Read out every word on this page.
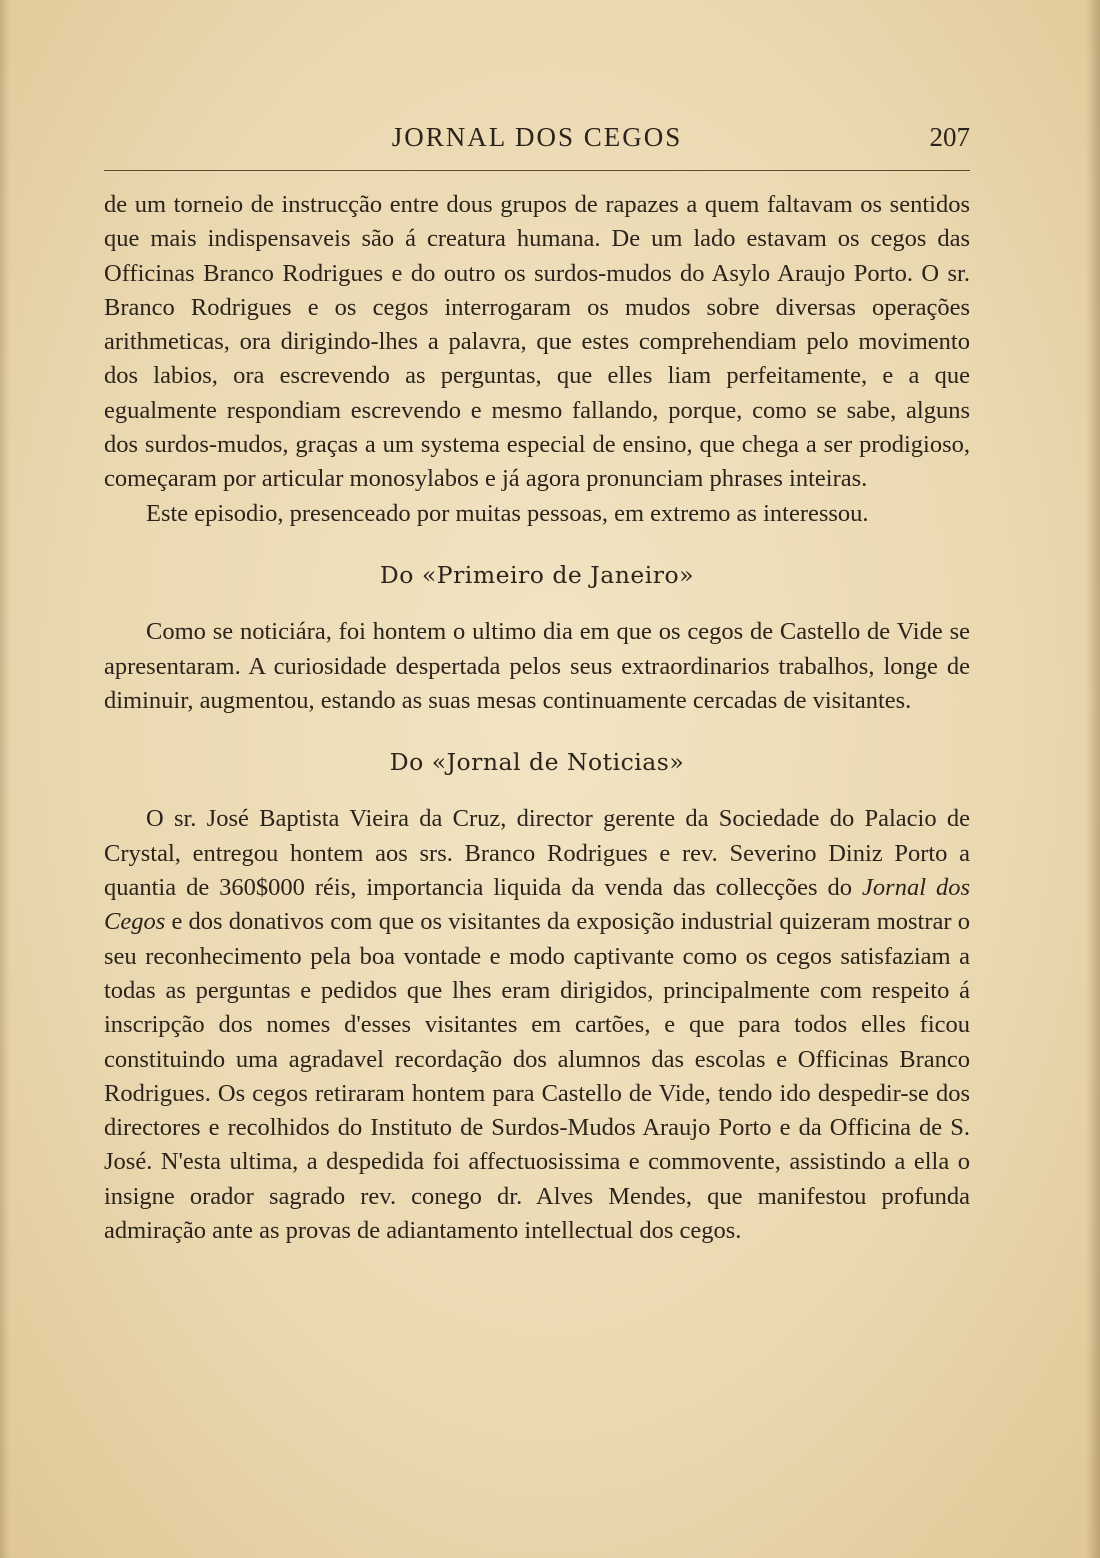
JORNAL DOS CEGOS	207

de um torneio de instrucção entre dous grupos de rapazes a quem faltavam os sentidos que mais indispensaveis são á creatura humana. De um lado estavam os cegos das Officinas Branco Rodrigues e do outro os surdos-mudos do Asylo Araujo Porto. O sr. Branco Rodrigues e os cegos interrogaram os mudos sobre diversas operações arithmeticas, ora dirigindo-lhes a palavra, que estes comprehendiam pelo movimento dos labios, ora escrevendo as perguntas, que elles liam perfeitamente, e a que egualmente respondiam escrevendo e mesmo fallando, porque, como se sabe, alguns dos surdos-mudos, graças a um systema especial de ensino, que chega a ser prodigioso, começaram por articular monosylabos e já agora pronunciam phrases inteiras.

Este episodio, presenceado por muitas pessoas, em extremo as interessou.

Do «Primeiro de Janeiro»

Como se noticiára, foi hontem o ultimo dia em que os cegos de Castello de Vide se apresentaram. A curiosidade despertada pelos seus extraordinarios trabalhos, longe de diminuir, augmentou, estando as suas mesas continuamente cercadas de visitantes.

Do «Jornal de Noticias»

O sr. José Baptista Vieira da Cruz, director gerente da Sociedade do Palacio de Crystal, entregou hontem aos srs. Branco Rodrigues e rev. Severino Diniz Porto a quantia de 360$000 réis, importancia liquida da venda das collecções do Jornal dos Cegos e dos donativos com que os visitantes da exposição industrial quizeram mostrar o seu reconhecimento pela boa vontade e modo captivante como os cegos satisfaziam a todas as perguntas e pedidos que lhes eram dirigidos, principalmente com respeito á inscripção dos nomes d'esses visitantes em cartões, e que para todos elles ficou constituindo uma agradavel recordação dos alumnos das escolas e Officinas Branco Rodrigues. Os cegos retiraram hontem para Castello de Vide, tendo ido despedir-se dos directores e recolhidos do Instituto de Surdos-Mudos Araujo Porto e da Officina de S. José. N'esta ultima, a despedida foi affectuosissima e commovente, assistindo a ella o insigne orador sagrado rev. conego dr. Alves Mendes, que manifestou profunda admiração ante as provas de adiantamento intellectual dos cegos.
